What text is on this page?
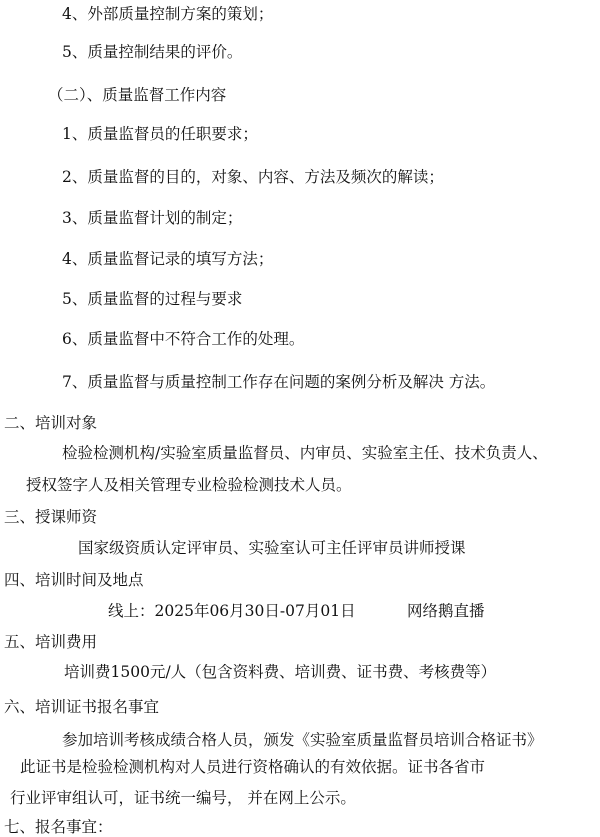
4、外部质量控制方案的策划；
5、质量控制结果的评价。
（二）、质量监督工作内容
1、质量监督员的任职要求；
2、质量监督的目的，对象、内容、方法及频次的解读；
3、质量监督计划的制定；
4、质量监督记录的填写方法；
5、质量监督的过程与要求
6、质量监督中不符合工作的处理。
7、质量监督与质量控制工作存在问题的案例分析及解决 方法。
二、培训对象
检验检测机构/实验室质量监督员、内审员、实验室主任、技术负责人、
授权签字人及相关管理专业检验检测技术人员。
三、授课师资
国家级资质认定评审员、实验室认可主任评审员讲师授课
四、培训时间及地点
线上：2025年06月30日-07月01日	网络鹅直播
五、培训费用
培训费1500元/人（包含资料费、培训费、证书费、考核费等）
六、培训证书报名事宜
参加培训考核成绩合格人员，颁发《实验室质量监督员培训合格证书》
此证书是检验检测机构对人员进行资格确认的有效依据。证书各省市
行业评审组认可，证书统一编号， 并在网上公示。
七、报名事宜：
